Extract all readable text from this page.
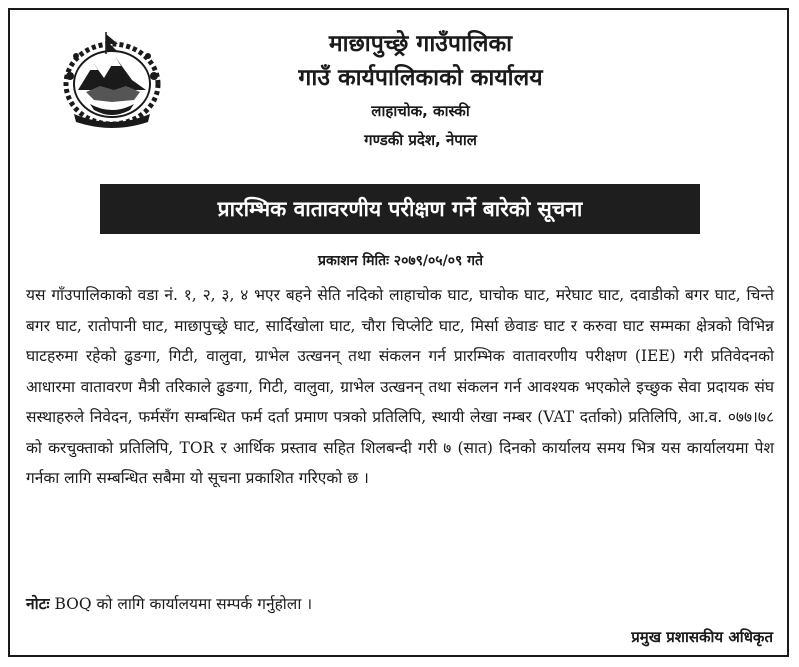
माछापुच्छ्रे गाउँपालिका
गाउँ कार्यपालिकाको कार्यालय
लाहाचोक, कास्की
गण्डकी प्रदेश, नेपाल
प्रारम्भिक वातावरणीय परीक्षण गर्ने बारेको सूचना
प्रकाशन मितिः २०७९/०५/०९ गते
यस गाँउपालिकाको वडा नं. १, २, ३, ४ भएर बहने सेति नदिको लाहाचोक घाट, घाचोक घाट, मरेघाट घाट, दवाडीको बगर घाट, चिन्ते बगर घाट, रातोपानी घाट, माछापुच्छ्रे घाट, सार्दिखोला घाट, चौरा चिप्लेटि घाट, मिर्सा छेवाङ घाट र करुवा घाट सम्मका क्षेत्रको विभिन्न घाटहरुमा रहेको ढुङगा, गिटी, वालुवा, ग्राभेल उत्खनन् तथा संकलन गर्न प्रारम्भिक वातावरणीय परीक्षण (IEE) गरी प्रतिवेदनको आधारमा वातावरण मैत्री तरिकाले ढुङगा, गिटी, वालुवा, ग्राभेल उत्खनन् तथा संकलन गर्न आवश्यक भएकोले इच्छुक सेवा प्रदायक संघ सस्थाहरुले निवेदन, फर्मसँग सम्बन्धित फर्म दर्ता प्रमाण पत्रको प्रतिलिपि, स्थायी लेखा नम्बर (VAT दर्ताको) प्रतिलिपि, आ.व. ०७७।७८ को करचुक्ताको प्रतिलिपि, TOR र आर्थिक प्रस्ताव सहित शिलबन्दी गरी ७ (सात) दिनको कार्यालय समय भित्र यस कार्यालयमा पेश गर्नका लागि सम्बन्धित सबैमा यो सूचना प्रकाशित गरिएको छ ।
नोटः BOQ को लागि कार्यालयमा सम्पर्क गर्नुहोला ।
प्रमुख प्रशासकीय अधिकृत
